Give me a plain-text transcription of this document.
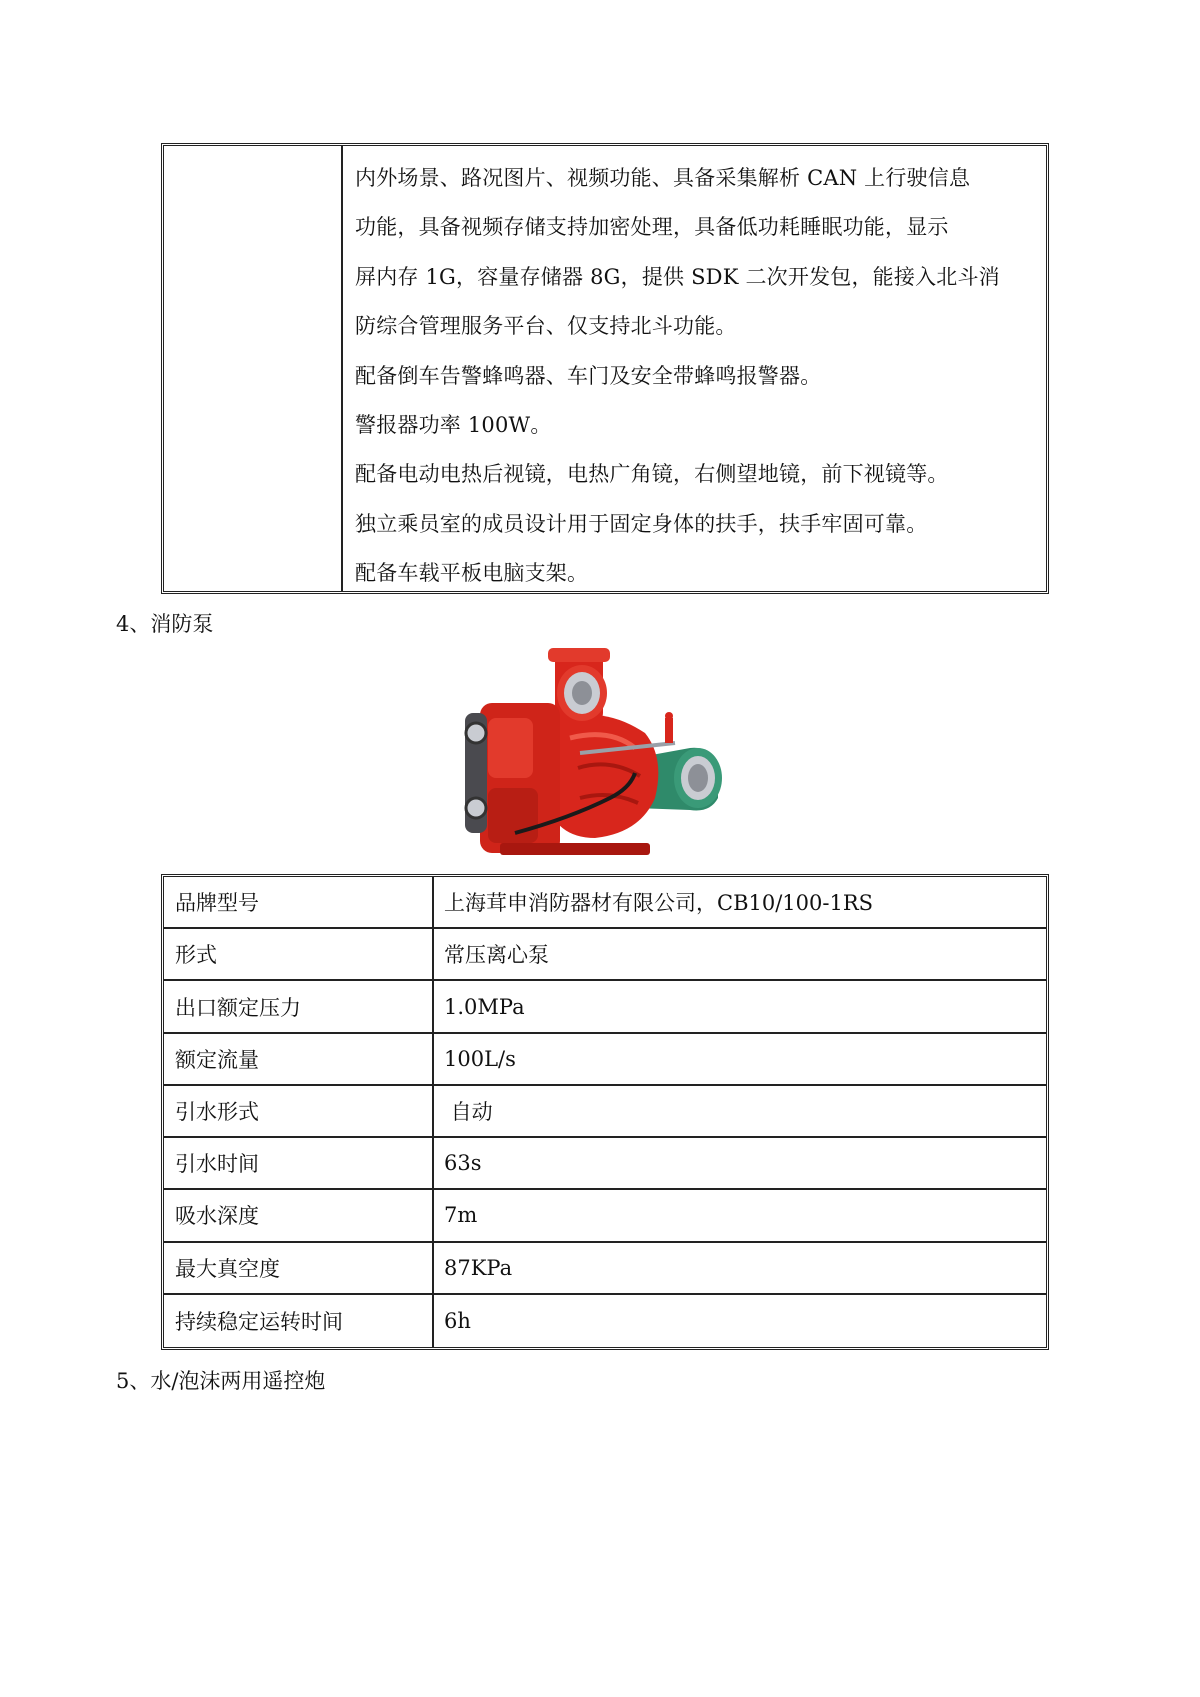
内外场景、路况图片、视频功能、具备采集解析 CAN 上行驶信息

功能，具备视频存储支持加密处理，具备低功耗睡眠功能，显示

屏内存 1G，容量存储器 8G，提供 SDK 二次开发包，能接入北斗消

防综合管理服务平台、仅支持北斗功能。

配备倒车告警蜂鸣器、车门及安全带蜂鸣报警器。

警报器功率 100W。

配备电动电热后视镜，电热广角镜，右侧望地镜，前下视镜等。

独立乘员室的成员设计用于固定身体的扶手，扶手牢固可靠。

配备车载平板电脑支架。

4、消防泵
品牌型号	上海茸申消防器材有限公司，CB10/100-1RS
形式	常压离心泵
出口额定压力	1.0MPa
额定流量	100L/s
引水形式	自动
引水时间	63s
吸水深度	7m
最大真空度	87KPa
持续稳定运转时间	6h
5、水/泡沫两用遥控炮
